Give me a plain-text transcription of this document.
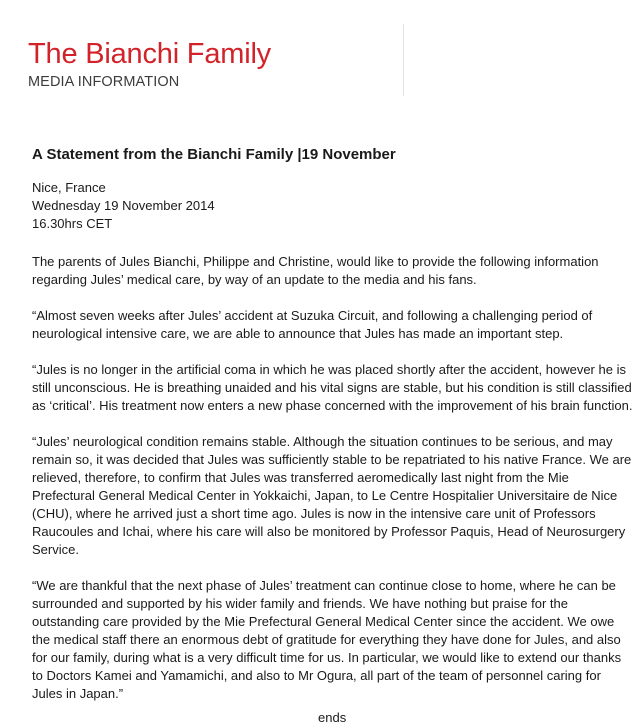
The Bianchi Family
MEDIA INFORMATION
A Statement from the Bianchi Family |19 November
Nice, France
Wednesday 19 November 2014
16.30hrs CET

The parents of Jules Bianchi, Philippe and Christine, would like to provide the following information regarding Jules’ medical care, by way of an update to the media and his fans.

“Almost seven weeks after Jules’ accident at Suzuka Circuit, and following a challenging period of neurological intensive care, we are able to announce that Jules has made an important step.

“Jules is no longer in the artificial coma in which he was placed shortly after the accident, however he is still unconscious. He is breathing unaided and his vital signs are stable, but his condition is still classified as ‘critical’. His treatment now enters a new phase concerned with the improvement of his brain function.

“Jules’ neurological condition remains stable. Although the situation continues to be serious, and may remain so, it was decided that Jules was sufficiently stable to be repatriated to his native France. We are relieved, therefore, to confirm that Jules was transferred aeromedically last night from the Mie Prefectural General Medical Center in Yokkaichi, Japan, to Le Centre Hospitalier Universitaire de Nice (CHU), where he arrived just a short time ago. Jules is now in the intensive care unit of Professors Raucoules and Ichai, where his care will also be monitored by Professor Paquis, Head of Neurosurgery Service.

“We are thankful that the next phase of Jules’ treatment can continue close to home, where he can be surrounded and supported by his wider family and friends. We have nothing but praise for the outstanding care provided by the Mie Prefectural General Medical Center since the accident. We owe the medical staff there an enormous debt of gratitude for everything they have done for Jules, and also for our family, during what is a very difficult time for us. In particular, we would like to extend our thanks to Doctors Kamei and Yamamichi, and also to Mr Ogura, all part of the team of personnel caring for Jules in Japan.”

ends
